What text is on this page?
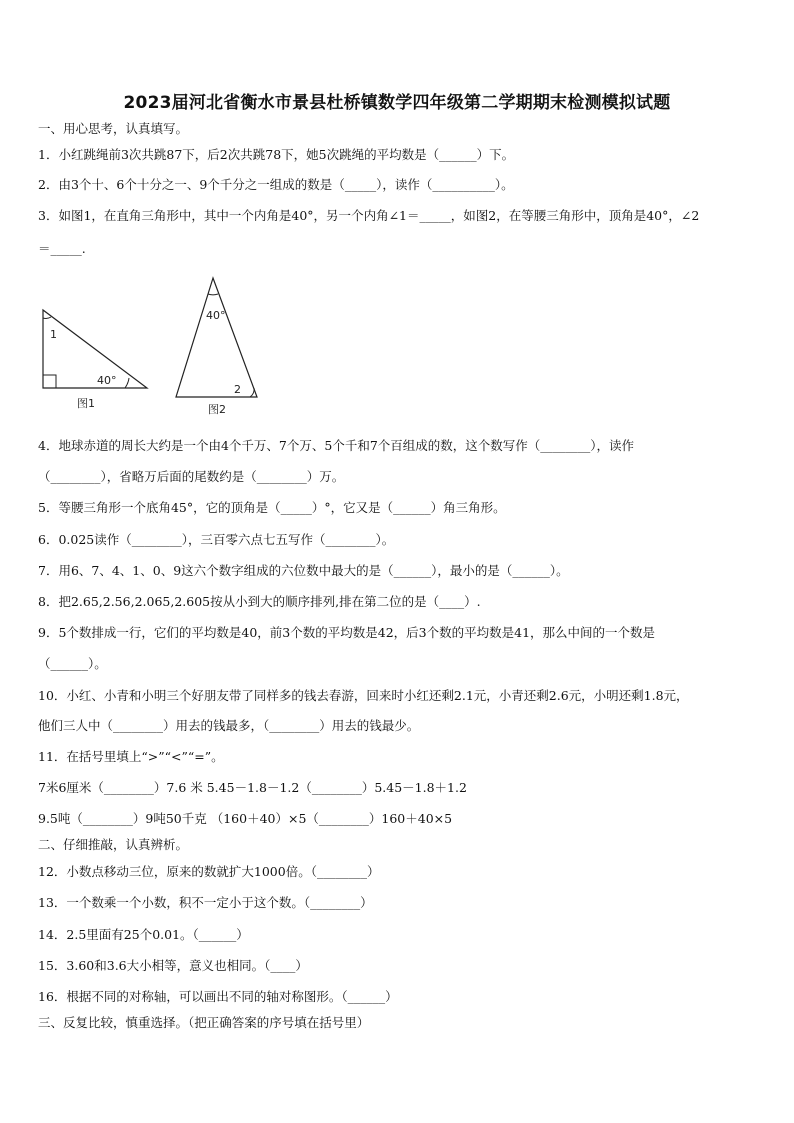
2023届河北省衡水市景县杜桥镇数学四年级第二学期期末检测模拟试题
一、用心思考，认真填写。
1．小红跳绳前3次共跳87下，后2次共跳78下，她5次跳绳的平均数是（______）下。
2．由3个十、6个十分之一、9个千分之一组成的数是（_____），读作（__________）。
3．如图1，在直角三角形中，其中一个内角是40°，另一个内角∠1＝_____，如图2，在等腰三角形中，顶角是40°，∠2
＝_____.
1
40°
图1
40°
2
图2
4．地球赤道的周长大约是一个由4个千万、7个万、5个千和7个百组成的数，这个数写作（________），读作
（________），省略万后面的尾数约是（________）万。
5．等腰三角形一个底角45°，它的顶角是（_____）°，它又是（______）角三角形。
6．0.025读作（________），三百零六点七五写作（________）。
7．用6、7、4、1、0、9这六个数字组成的六位数中最大的是（______），最小的是（______）。
8．把2.65,2.56,2.065,2.605按从小到大的顺序排列,排在第二位的是（____）.
9．5个数排成一行，它们的平均数是40，前3个数的平均数是42，后3个数的平均数是41，那么中间的一个数是
（______）。
10．小红、小青和小明三个好朋友带了同样多的钱去春游，回来时小红还剩2.1元，小青还剩2.6元，小明还剩1.8元，
他们三人中（________）用去的钱最多，（________）用去的钱最少。
11．在括号里填上“>”“<”“=”。
7米6厘米（________）7.6 米 5.45－1.8－1.2（________）5.45－1.8＋1.2
9.5吨（________）9吨50千克 （160＋40）×5（________）160＋40×5
二、仔细推敲，认真辨析。
12．小数点移动三位，原来的数就扩大1000倍。（________）
13．一个数乘一个小数，积不一定小于这个数。（________）
14．2.5里面有25个0.01。（______）
15．3.60和3.6大小相等，意义也相同。（____）
16．根据不同的对称轴，可以画出不同的轴对称图形。（______）
三、反复比较，慎重选择。（把正确答案的序号填在括号里）
